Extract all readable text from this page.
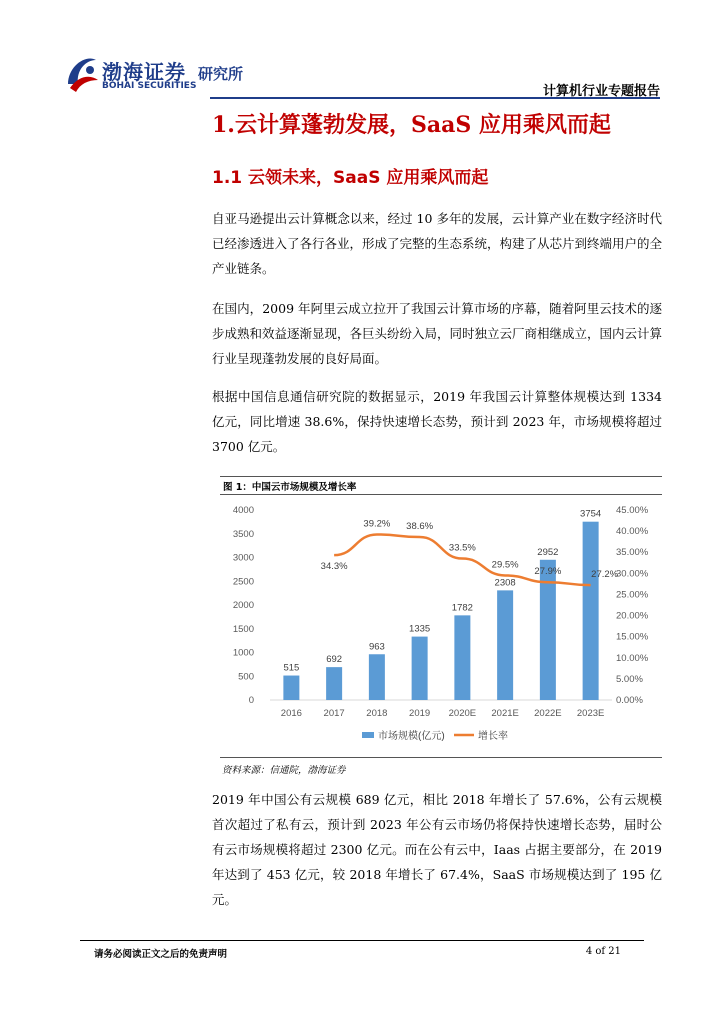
渤海证券
BOHAI SECURITIES
研究所
计算机行业专题报告
1.云计算蓬勃发展，SaaS 应用乘风而起
1.1 云领未来，SaaS 应用乘风而起

自亚马逊提出云计算概念以来，经过 10 多年的发展，云计算产业在数字经济时代已经渗透进入了各行各业，形成了完整的生态系统，构建了从芯片到终端用户的全产业链条。

在国内，2009 年阿里云成立拉开了我国云计算市场的序幕，随着阿里云技术的逐步成熟和效益逐渐显现，各巨头纷纷入局，同时独立云厂商相继成立，国内云计算行业呈现蓬勃发展的良好局面。

根据中国信息通信研究院的数据显示，2019 年我国云计算整体规模达到 1334 亿元，同比增速 38.6%，保持快速增长态势，预计到 2023 年，市场规模将超过 3700 亿元。

图 1：中国云市场规模及增长率
0
500
1000
1500
2000
2500
3000
3500
4000
0.00%
5.00%
10.00%
15.00%
20.00%
25.00%
30.00%
35.00%
40.00%
45.00%
2016 2017 2018 2019 2020E 2021E 2022E 2023E
515
692
963
1335
1782
2308
2952
3754
34.3%
39.2% 38.6%
33.5%
29.5%
27.9%	27.2%
市场规模(亿元)	增长率
资料来源：信通院，渤海证券

2019 年中国公有云规模 689 亿元，相比 2018 年增长了 57.6%，公有云规模首次超过了私有云，预计到 2023 年公有云市场仍将保持快速增长态势，届时公有云市场规模将超过 2300 亿元。而在公有云中，Iaas 占据主要部分，在 2019 年达到了 453 亿元，较 2018 年增长了 67.4%，SaaS 市场规模达到了 195 亿元。

请务必阅读正文之后的免责声明	4 of 21
